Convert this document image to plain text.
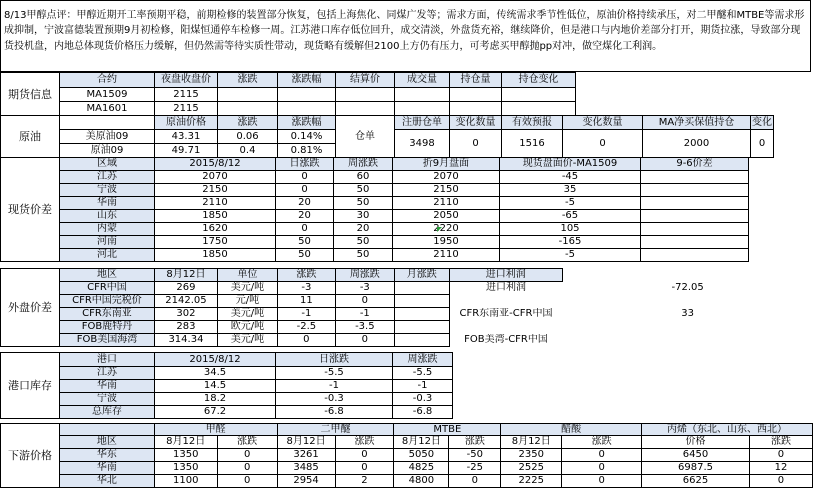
8/13甲醇点评：甲醇近期开工率预期平稳，前期检修的装置部分恢复，包括上海焦化、同煤广发等；需求方面，传统需求季节性低位，原油价格持续承压，对二甲醚和MTBE等需求形成抑制，宁波富德装置预期9月初检修，阳煤恒通停车检修一周。江苏港口库存低位回升，成交清淡，外盘货充裕，继续降价，但是港口与内地价差部分打开，期货拉涨，导致部分现货投机盘，内地总体现货价格压力缓解，但仍然需等待实质性带动，现货略有缓解但2100上方仍有压力，可考虑买甲醇抛pp对冲，做空煤化工利润。
	合约	夜盘收盘价	涨跌	涨跌幅	结算价	成交量	持仓量	持仓变化
期货信息	MA1509	2115						
	MA1601	2115						
原油		原油价格	涨跌	涨跌幅	仓单	注册仓单	变化数量	有效预报	变化数量	MA净买保值持仓	变化
	美原油09	43.31	0.06	0.14%		3498	0	1516	0	2000	0
	原油09	49.71	0.4	0.81%							
现货价差	区域	2015/8/12	日涨跌	周涨跌	折9月盘面	现货盘面价-MA1509	9-6价差
	江苏	2070	0	60	2070	-45	
	宁波	2150	0	50	2150	35	
	华南	2110	20	50	2110	-5	
	山东	1850	20	30	2050	-65	
	内蒙	1620	0	20	2220	105	
	河南	1750	50	50	1950	-165	
	河北	1850	50	50	2110	-5	
外盘价差	地区	8月12日	单位	涨跌	周涨跌	月涨跌	进口利润	
	CFR中国	269	美元/吨	-3	-3		进口利润	-72.05
	CFR中国完税价	2142.05	元/吨	11	0			
	CFR东南亚	302	美元/吨	-1	-1		CFR东南亚-CFR中国	33
	FOB鹿特丹	283	欧元/吨	-2.5	-3.5			
	FOB美国海湾	314.34	美元/吨	0	0		FOB美湾-CFR中国	
港口库存	港口	2015/8/12	日涨跌	周涨跌
	江苏	34.5	-5.5	-5.5
	华南	14.5	-1	-1
	宁波	18.2	-0.3	-0.3
	总库存	67.2	-6.8	-6.8
下游价格		甲醛		二甲醚		MTBE		醋酸		丙烯（东北、山东、西北）	
	地区	8月12日	涨跌	8月12日	涨跌	8月12日	涨跌	8月12日	涨跌	价格	涨跌
	华东	1350	0	3261	0	5050	-50	2350	0	6450	0
	华南	1350	0	3485	0	4825	-25	2525	0	6987.5	12
	华北	1100	0	2954	2	4800	0	2225	0	6625	0
